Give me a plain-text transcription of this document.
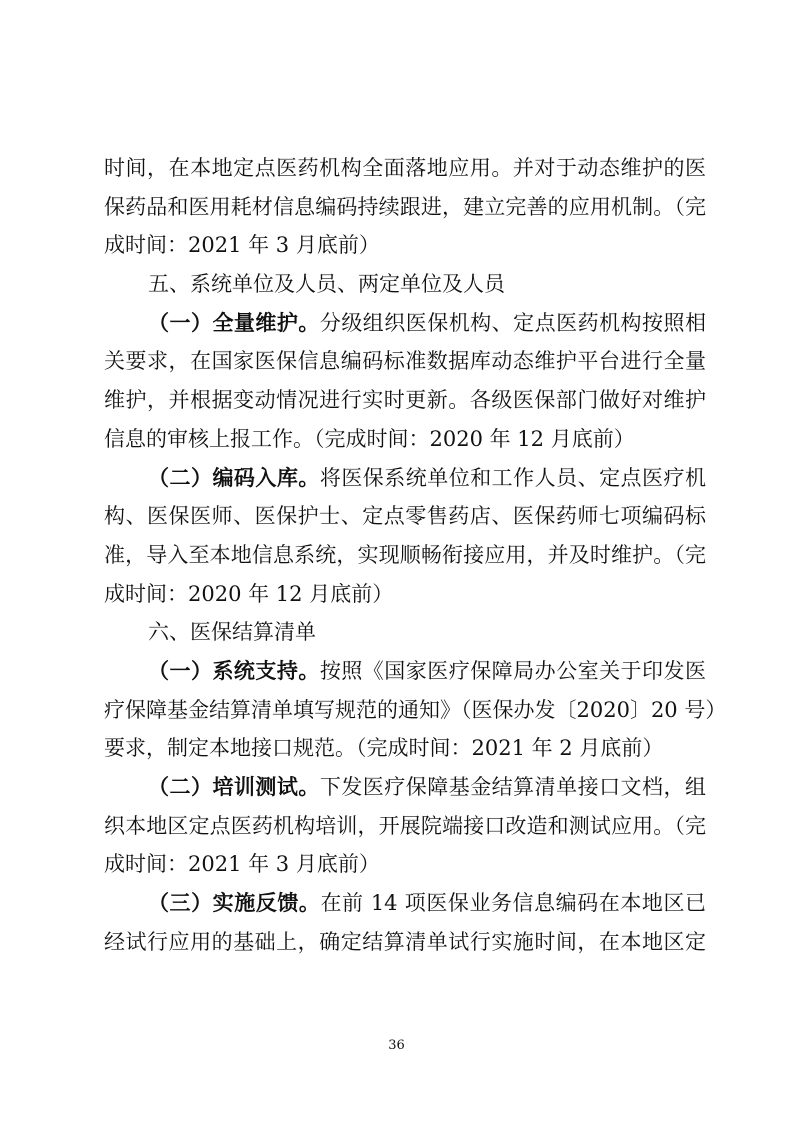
时间，在本地定点医药机构全面落地应用。并对于动态维护的医
保药品和医用耗材信息编码持续跟进，建立完善的应用机制。（完
成时间：2021 年 3 月底前）
五、系统单位及人员、两定单位及人员
（一）全量维护。分级组织医保机构、定点医药机构按照相
关要求，在国家医保信息编码标准数据库动态维护平台进行全量
维护，并根据变动情况进行实时更新。各级医保部门做好对维护
信息的审核上报工作。（完成时间：2020 年 12 月底前）
（二）编码入库。将医保系统单位和工作人员、定点医疗机
构、医保医师、医保护士、定点零售药店、医保药师七项编码标
准，导入至本地信息系统，实现顺畅衔接应用，并及时维护。（完
成时间：2020 年 12 月底前）
六、医保结算清单
（一）系统支持。按照《国家医疗保障局办公室关于印发医
疗保障基金结算清单填写规范的通知》（医保办发〔2020〕20 号）
要求，制定本地接口规范。（完成时间：2021 年 2 月底前）
（二）培训测试。下发医疗保障基金结算清单接口文档，组
织本地区定点医药机构培训，开展院端接口改造和测试应用。（完
成时间：2021 年 3 月底前）
（三）实施反馈。在前 14 项医保业务信息编码在本地区已
经试行应用的基础上，确定结算清单试行实施时间，在本地区定
36
